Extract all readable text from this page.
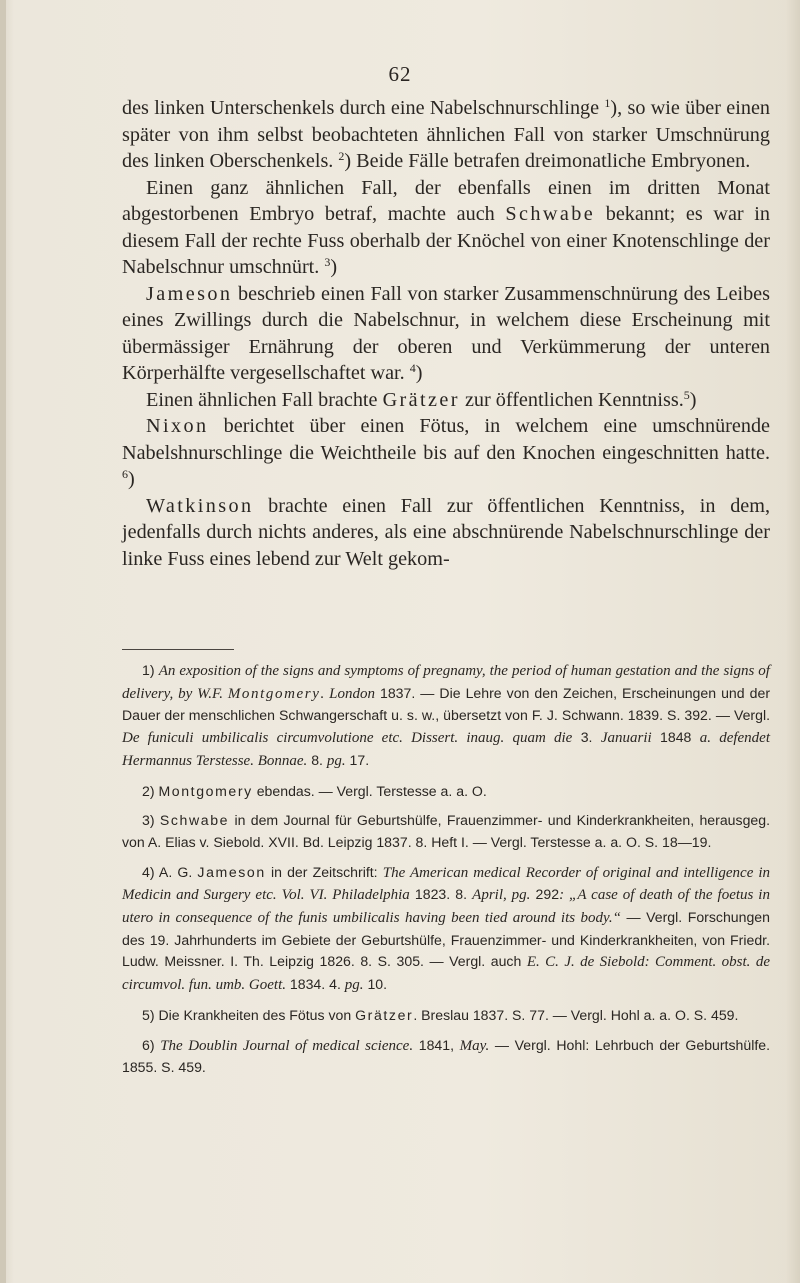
62

des linken Unterschenkels durch eine Nabelschnurschlinge $^1$), so wie über einen später von ihm selbst beobachteten ähnlichen Fall von starker Umschnürung des linken Oberschenkels. $^2$) Beide Fälle betrafen dreimonatliche Embryonen.

Einen ganz ähnlichen Fall, der ebenfalls einen im dritten Monat abgestorbenen Embryo betraf, machte auch Schwabe bekannt; es war in diesem Fall der rechte Fuss oberhalb der Knöchel von einer Knotenschlinge der Nabelschnur umschnürt. $^3$)

Jameson beschrieb einen Fall von starker Zusammenschnürung des Leibes eines Zwillings durch die Nabelschnur, in welchem diese Erscheinung mit übermässiger Ernährung der oberen und Verkümmerung der unteren Körperhälfte vergesellschaftet war. $^4$)

Einen ähnlichen Fall brachte Grätzer zur öffentlichen Kenntniss.$^5$)

Nixon berichtet über einen Fötus, in welchem eine umschnürende Nabelshnurschlinge die Weichtheile bis auf den Knochen eingeschnitten hatte. $^6$)

Watkinson brachte einen Fall zur öffentlichen Kenntniss, in dem, jedenfalls durch nichts anderes, als eine abschnürende Nabelschnurschlinge der linke Fuss eines lebend zur Welt gekom-

1) An exposition of the signs and symptoms of pregnamy, the period of human gestation and the signs of delivery, by W.F. Montgomery. London 1837. — Die Lehre von den Zeichen, Erscheinungen und der Dauer der menschlichen Schwangerschaft u. s. w., übersetzt von F. J. Schwann. 1839. S. 392. — Vergl. De funiculi umbilicalis circumvolutione etc. Dissert. inaug. quam die 3. Januarii 1848 a. defendet Hermannus Terstesse. Bonnae. 8. pg. 17.

2) Montgomery ebendas. — Vergl. Terstesse a. a. O.

3) Schwabe in dem Journal für Geburtshülfe, Frauenzimmer- und Kinderkrankheiten, herausgeg. von A. Elias v. Siebold. XVII. Bd. Leipzig 1837. 8. Heft I. — Vergl. Terstesse a. a. O. S. 18—19.

4) A. G. Jameson in der Zeitschrift: The American medical Recorder of original and intelligence in Medicin and Surgery etc. Vol. VI. Philadelphia 1823. 8. April, pg. 292: „A case of death of the foetus in utero in consequence of the funis umbilicalis having been tied around its body.“ — Vergl. Forschungen des 19. Jahrhunderts im Gebiete der Geburtshülfe, Frauenzimmer- und Kinderkrankheiten, von Friedr. Ludw. Meissner. I. Th. Leipzig 1826. 8. S. 305. — Vergl. auch E. C. J. de Siebold: Comment. obst. de circumvol. fun. umb. Goett. 1834. 4. pg. 10.

5) Die Krankheiten des Fötus von Grätzer. Breslau 1837. S. 77. — Vergl. Hohl a. a. O. S. 459.

6) The Doublin Journal of medical science. 1841, May. — Vergl. Hohl: Lehrbuch der Geburtshülfe. 1855. S. 459.
